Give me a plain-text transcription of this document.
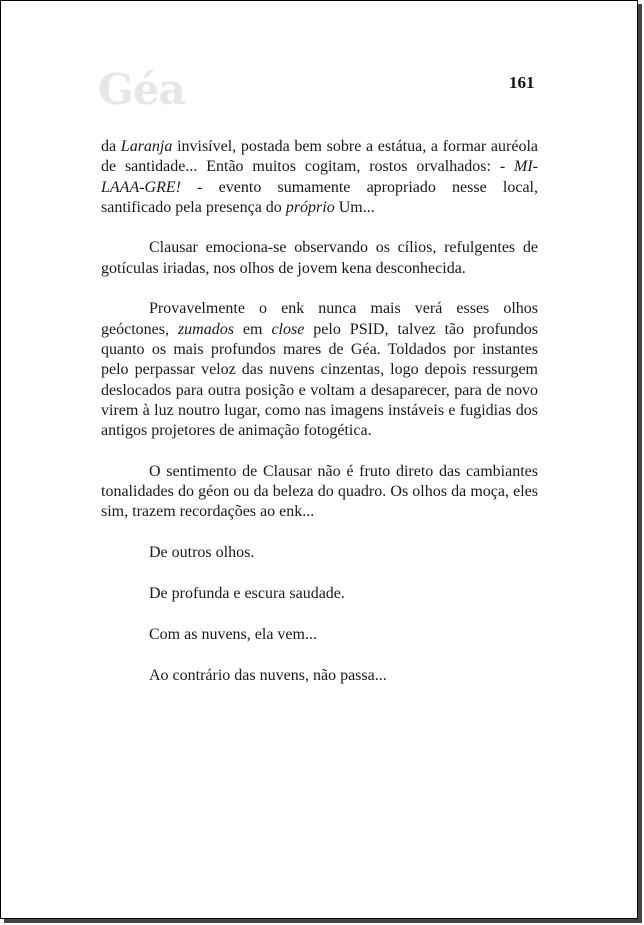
Géa	161

da Laranja invisível, postada bem sobre a estátua, a formar auréola de santidade... Então muitos cogitam, rostos orvalhados: - MI-LAAA-GRE! - evento sumamente apropriado nesse local, santificado pela presença do próprio Um...

Clausar emociona-se observando os cílios, refulgentes de gotículas iriadas, nos olhos de jovem kena desconhecida.

Provavelmente o enk nunca mais verá esses olhos geóctones, zumados em close pelo PSID, talvez tão profundos quanto os mais profundos mares de Géa. Toldados por instantes pelo perpassar veloz das nuvens cinzentas, logo depois ressurgem deslocados para outra posição e voltam a desaparecer, para de novo virem à luz noutro lugar, como nas imagens instáveis e fugidias dos antigos projetores de animação fotogética.

O sentimento de Clausar não é fruto direto das cambiantes tonalidades do géon ou da beleza do quadro. Os olhos da moça, eles sim, trazem recordações ao enk...

De outros olhos.

De profunda e escura saudade.

Com as nuvens, ela vem...

Ao contrário das nuvens, não passa...
